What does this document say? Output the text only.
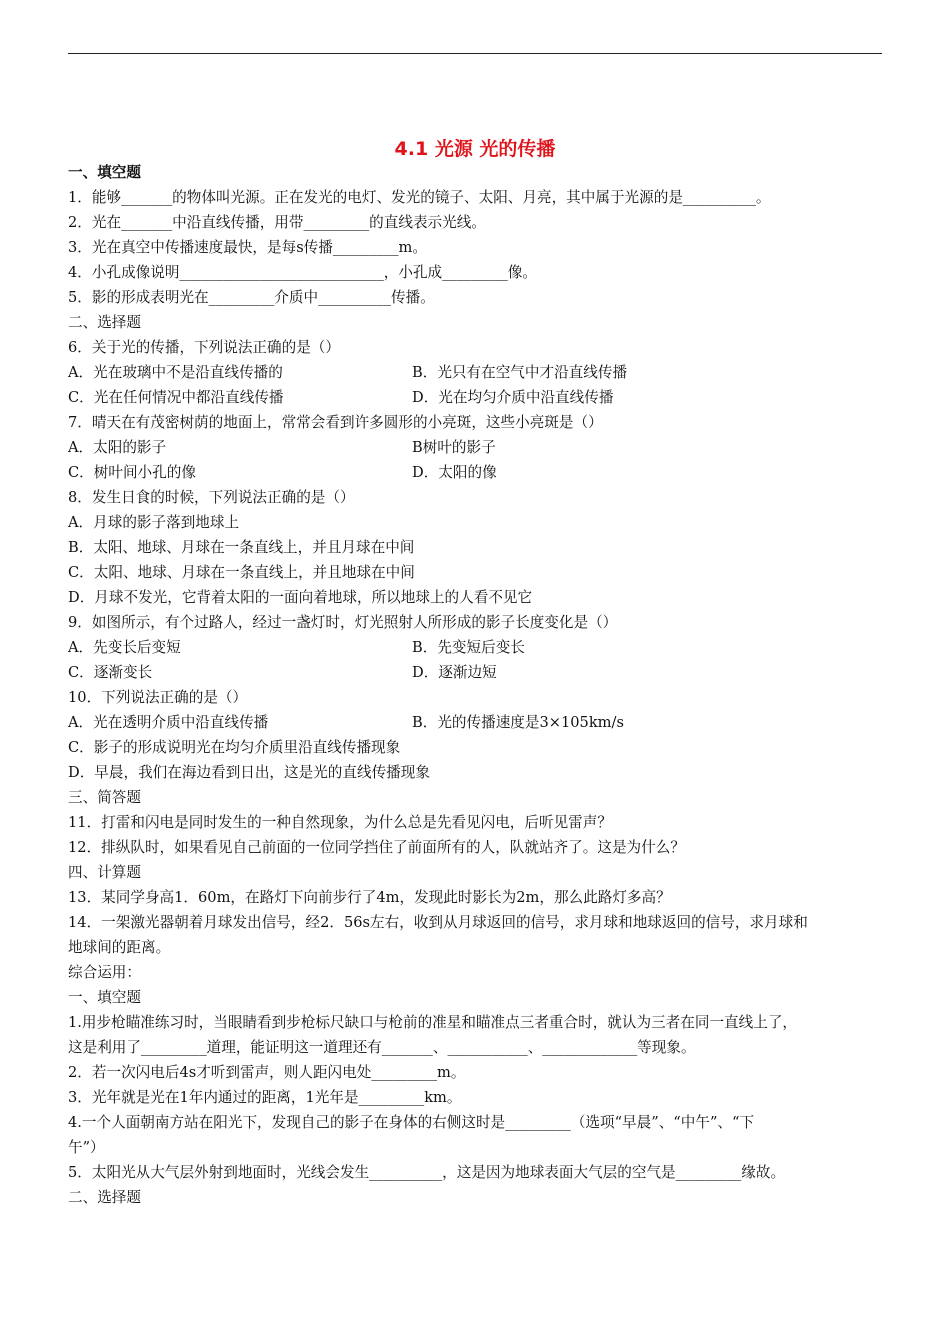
4.1 光源 光的传播
一、填空题
1．能够_______的物体叫光源。正在发光的电灯、发光的镜子、太阳、月亮，其中属于光源的是__________。
2．光在_______中沿直线传播，用带_________的直线表示光线。
3．光在真空中传播速度最快，是每s传播_________m。
4．小孔成像说明____________________________，小孔成_________像。
5．影的形成表明光在_________介质中__________传播。
二、选择题
6．关于光的传播，下列说法正确的是（）
A．光在玻璃中不是沿直线传播的	B．光只有在空气中才沿直线传播
C．光在任何情况中都沿直线传播	D．光在均匀介质中沿直线传播
7．晴天在有茂密树荫的地面上，常常会看到许多圆形的小亮斑，这些小亮斑是（）
A．太阳的影子	B树叶的影子
C．树叶间小孔的像	D．太阳的像
8．发生日食的时候，下列说法正确的是（）
A．月球的影子落到地球上
B．太阳、地球、月球在一条直线上，并且月球在中间
C．太阳、地球、月球在一条直线上，并且地球在中间
D．月球不发光，它背着太阳的一面向着地球，所以地球上的人看不见它
9．如图所示，有个过路人，经过一盏灯时，灯光照射人所形成的影子长度变化是（）
A．先变长后变短	B．先变短后变长
C．逐渐变长	D．逐渐边短
10．下列说法正确的是（）
A．光在透明介质中沿直线传播	B．光的传播速度是3×105km/s
C．影子的形成说明光在均匀介质里沿直线传播现象
D．早晨，我们在海边看到日出，这是光的直线传播现象
三、简答题
11．打雷和闪电是同时发生的一种自然现象，为什么总是先看见闪电，后听见雷声？
12．排纵队时，如果看见自己前面的一位同学挡住了前面所有的人，队就站齐了。这是为什么？
四、计算题
13．某同学身高1．60m，在路灯下向前步行了4m，发现此时影长为2m，那么此路灯多高？
14．一架激光器朝着月球发出信号，经2．56s左右，收到从月球返回的信号，求月球和地球返回的信号，求月球和
地球间的距离。
综合运用：
一、填空题
1.用步枪瞄准练习时，当眼睛看到步枪标尺缺口与枪前的准星和瞄准点三者重合时，就认为三者在同一直线上了，
这是利用了_________道理，能证明这一道理还有_______、___________、_____________等现象。
2．若一次闪电后4s才听到雷声，则人距闪电处_________m。
3．光年就是光在1年内通过的距离，1光年是_________km。
4.一个人面朝南方站在阳光下，发现自己的影子在身体的右侧这时是_________（选项“早晨”、“中午”、“下
午”）
5．太阳光从大气层外射到地面时，光线会发生__________，这是因为地球表面大气层的空气是_________缘故。
二、选择题
